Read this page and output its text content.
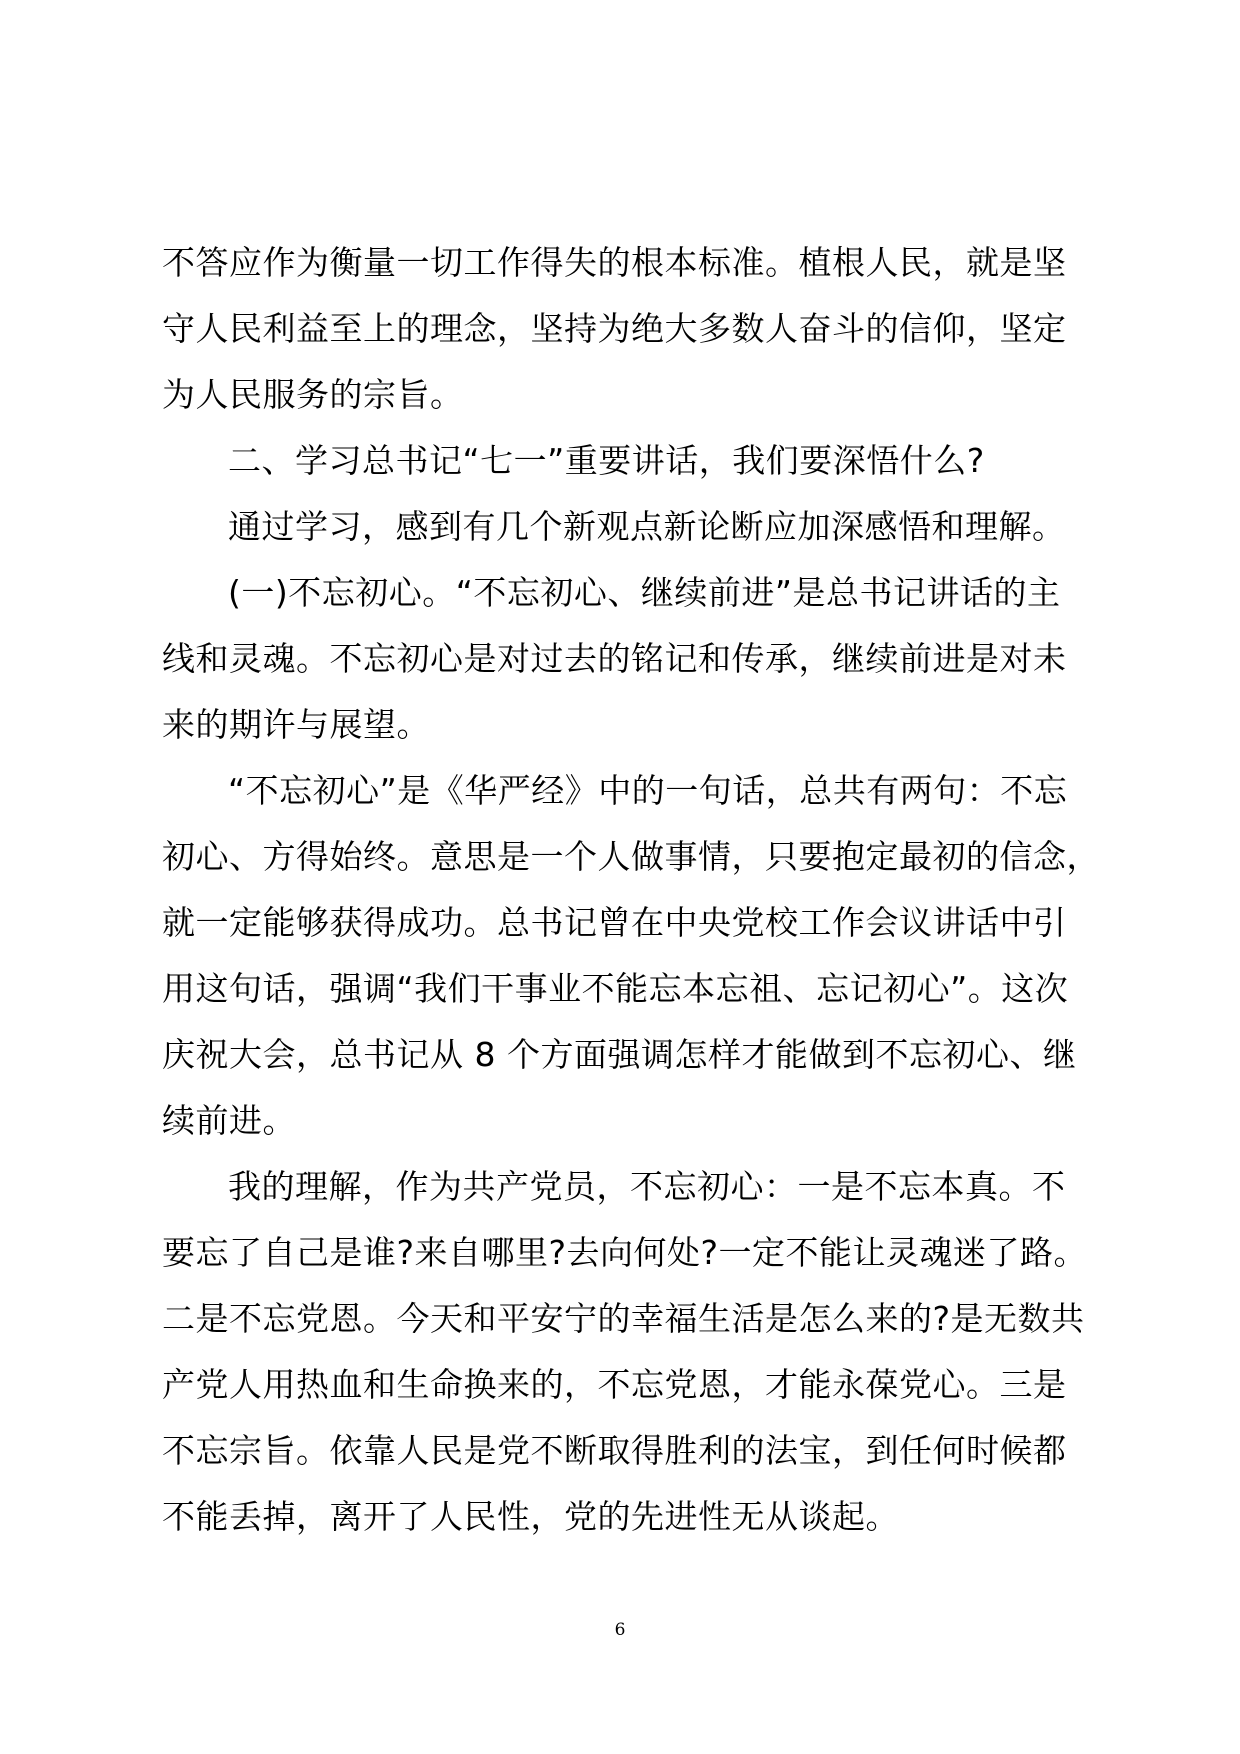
不答应作为衡量一切工作得失的根本标准。植根人民，就是坚
守人民利益至上的理念，坚持为绝大多数人奋斗的信仰，坚定
为人民服务的宗旨。
二、学习总书记“七一”重要讲话，我们要深悟什么?
通过学习，感到有几个新观点新论断应加深感悟和理解。
(一)不忘初心。“不忘初心、继续前进”是总书记讲话的主
线和灵魂。不忘初心是对过去的铭记和传承，继续前进是对未
来的期许与展望。
“不忘初心”是《华严经》中的一句话，总共有两句：不忘
初心、方得始终。意思是一个人做事情，只要抱定最初的信念，
就一定能够获得成功。总书记曾在中央党校工作会议讲话中引
用这句话，强调“我们干事业不能忘本忘祖、忘记初心”。这次
庆祝大会，总书记从 8 个方面强调怎样才能做到不忘初心、继
续前进。
我的理解，作为共产党员，不忘初心：一是不忘本真。不
要忘了自己是谁?来自哪里?去向何处?一定不能让灵魂迷了路。
二是不忘党恩。今天和平安宁的幸福生活是怎么来的?是无数共
产党人用热血和生命换来的，不忘党恩，才能永葆党心。三是
不忘宗旨。依靠人民是党不断取得胜利的法宝，到任何时候都
不能丢掉，离开了人民性，党的先进性无从谈起。
6
